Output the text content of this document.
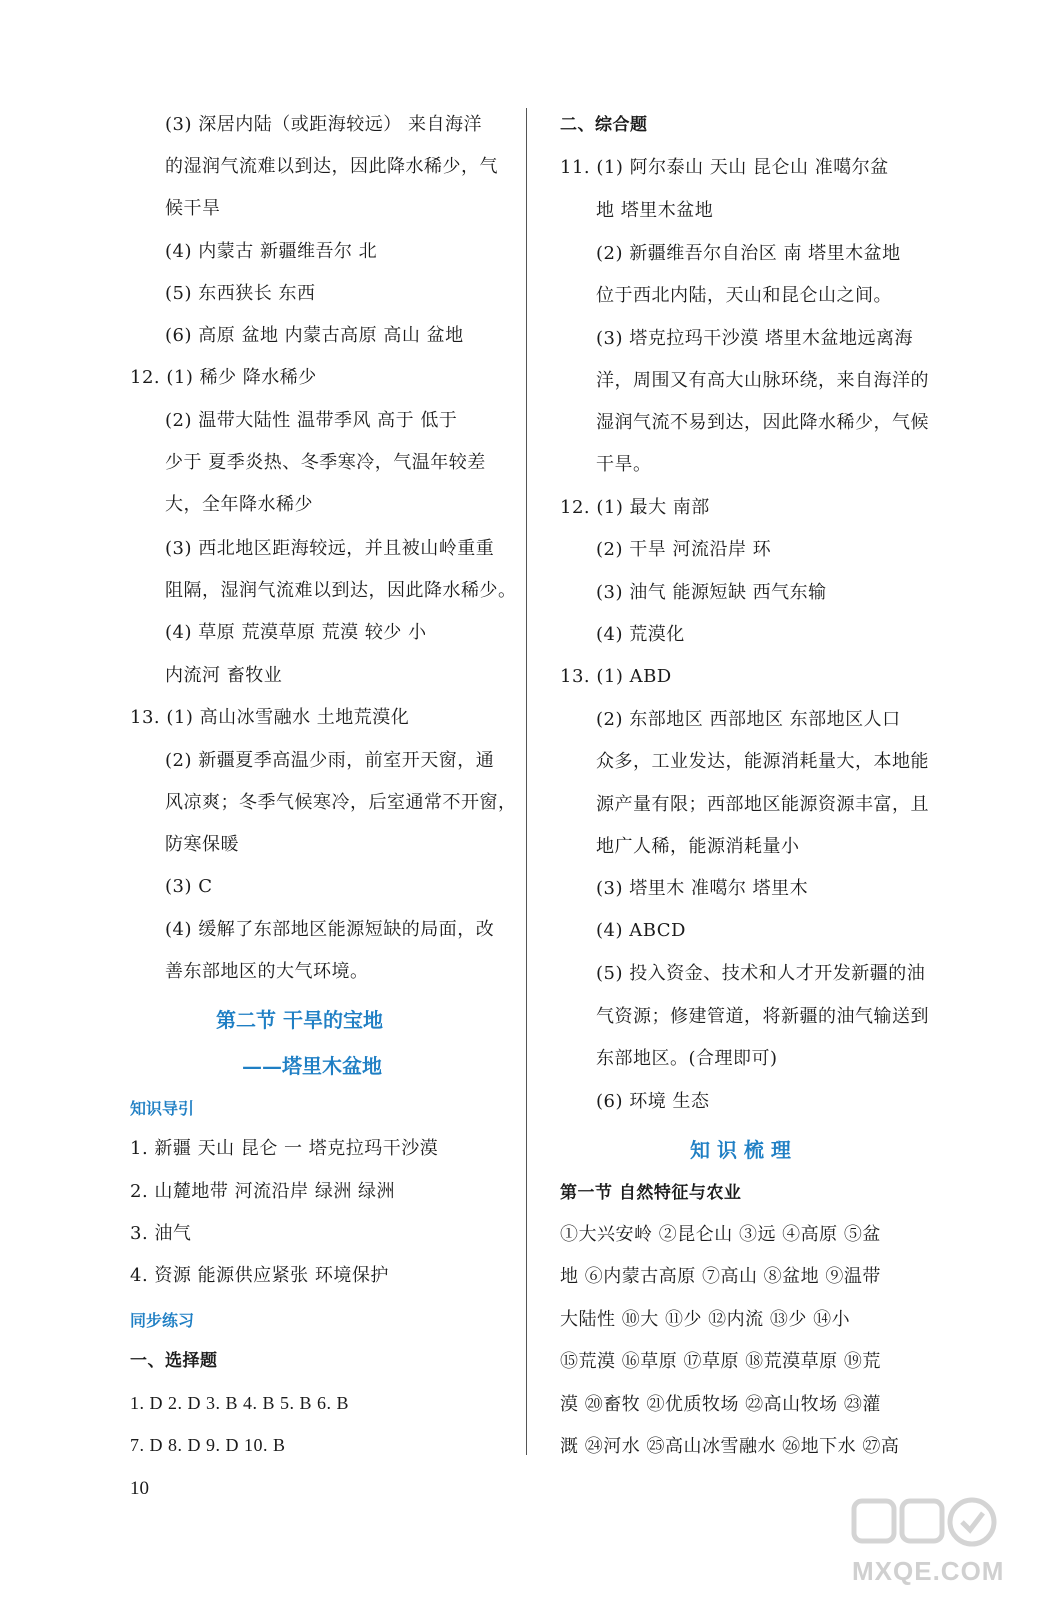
(3) 深居内陆（或距海较远） 来自海洋
的湿润气流难以到达，因此降水稀少，气
候干旱
(4) 内蒙古 新疆维吾尔 北
(5) 东西狭长 东西
(6) 高原 盆地 内蒙古高原 高山 盆地
12. (1) 稀少 降水稀少
(2) 温带大陆性 温带季风 高于 低于
少于 夏季炎热、冬季寒冷，气温年较差
大，全年降水稀少
(3) 西北地区距海较远，并且被山岭重重
阻隔，湿润气流难以到达，因此降水稀少。
(4) 草原 荒漠草原 荒漠 较少 小
内流河 畜牧业
13. (1) 高山冰雪融水 土地荒漠化
(2) 新疆夏季高温少雨，前室开天窗，通
风凉爽；冬季气候寒冷，后室通常不开窗，
防寒保暖
(3) C
(4) 缓解了东部地区能源短缺的局面，改
善东部地区的大气环境。
第二节 干旱的宝地
——塔里木盆地
知识导引
1. 新疆 天山 昆仑 一 塔克拉玛干沙漠
2. 山麓地带 河流沿岸 绿洲 绿洲
3. 油气
4. 资源 能源供应紧张 环境保护
同步练习
一、选择题
1. D 2. D 3. B 4. B 5. B 6. B
7. D 8. D 9. D 10. B
二、综合题
11. (1) 阿尔泰山 天山 昆仑山 准噶尔盆
地 塔里木盆地
(2) 新疆维吾尔自治区 南 塔里木盆地
位于西北内陆，天山和昆仑山之间。
(3) 塔克拉玛干沙漠 塔里木盆地远离海
洋，周围又有高大山脉环绕，来自海洋的
湿润气流不易到达，因此降水稀少，气候
干旱。
12. (1) 最大 南部
(2) 干旱 河流沿岸 环
(3) 油气 能源短缺 西气东输
(4) 荒漠化
13. (1) ABD
(2) 东部地区 西部地区 东部地区人口
众多，工业发达，能源消耗量大，本地能
源产量有限；西部地区能源资源丰富，且
地广人稀，能源消耗量小
(3) 塔里木 准噶尔 塔里木
(4) ABCD
(5) 投入资金、技术和人才开发新疆的油
气资源；修建管道，将新疆的油气输送到
东部地区。(合理即可)
(6) 环境 生态
知 识 梳 理
第一节 自然特征与农业
①大兴安岭 ②昆仑山 ③远 ④高原 ⑤盆
地 ⑥内蒙古高原 ⑦高山 ⑧盆地 ⑨温带
大陆性 ⑩大 ⑪少 ⑫内流 ⑬少 ⑭小
⑮荒漠 ⑯草原 ⑰草原 ⑱荒漠草原 ⑲荒
漠 ⑳畜牧 ㉑优质牧场 ㉒高山牧场 ㉓灌
溉 ㉔河水 ㉕高山冰雪融水 ㉖地下水 ㉗高
10
MXQE.COM
